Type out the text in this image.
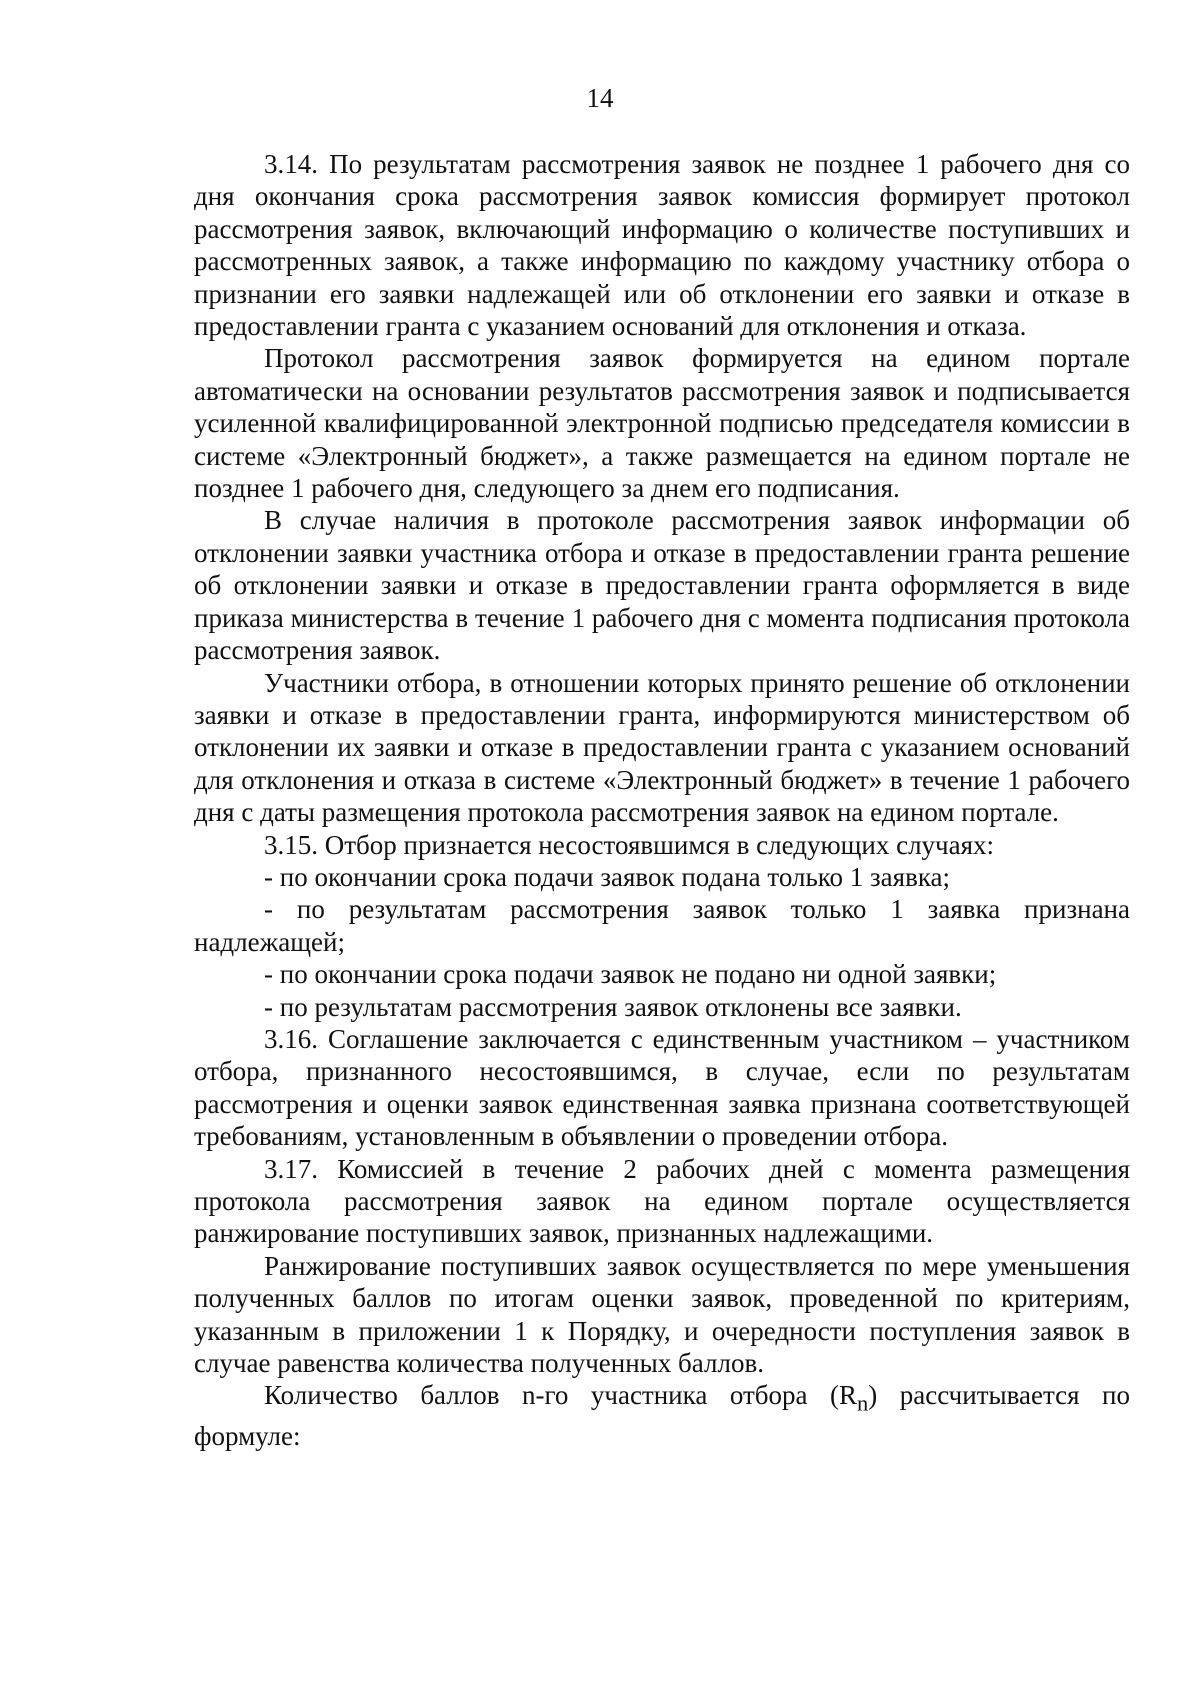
14

3.14. По результатам рассмотрения заявок не позднее 1 рабочего дня со дня окончания срока рассмотрения заявок комиссия формирует протокол рассмотрения заявок, включающий информацию о количестве поступивших и рассмотренных заявок, а также информацию по каждому участнику отбора о признании его заявки надлежащей или об отклонении его заявки и отказе в предоставлении гранта с указанием оснований для отклонения и отказа.

Протокол рассмотрения заявок формируется на едином портале автоматически на основании результатов рассмотрения заявок и подписывается усиленной квалифицированной электронной подписью председателя комиссии в системе «Электронный бюджет», а также размещается на едином портале не позднее 1 рабочего дня, следующего за днем его подписания.

В случае наличия в протоколе рассмотрения заявок информации об отклонении заявки участника отбора и отказе в предоставлении гранта решение об отклонении заявки и отказе в предоставлении гранта оформляется в виде приказа министерства в течение 1 рабочего дня с момента подписания протокола рассмотрения заявок.

Участники отбора, в отношении которых принято решение об отклонении заявки и отказе в предоставлении гранта, информируются министерством об отклонении их заявки и отказе в предоставлении гранта с указанием оснований для отклонения и отказа в системе «Электронный бюджет» в течение 1 рабочего дня с даты размещения протокола рассмотрения заявок на едином портале.

3.15. Отбор признается несостоявшимся в следующих случаях:

- по окончании срока подачи заявок подана только 1 заявка;

- по результатам рассмотрения заявок только 1 заявка признана надлежащей;

- по окончании срока подачи заявок не подано ни одной заявки;

- по результатам рассмотрения заявок отклонены все заявки.

3.16. Соглашение заключается с единственным участником – участником отбора, признанного несостоявшимся, в случае, если по результатам рассмотрения и оценки заявок единственная заявка признана соответствующей требованиям, установленным в объявлении о проведении отбора.

3.17. Комиссией в течение 2 рабочих дней с момента размещения протокола рассмотрения заявок на едином портале осуществляется ранжирование поступивших заявок, признанных надлежащими.

Ранжирование поступивших заявок осуществляется по мере уменьшения полученных баллов по итогам оценки заявок, проведенной по критериям, указанным в приложении 1 к Порядку, и очередности поступления заявок в случае равенства количества полученных баллов.

Количество баллов n-го участника отбора $(R_n)$ рассчитывается по формуле:
